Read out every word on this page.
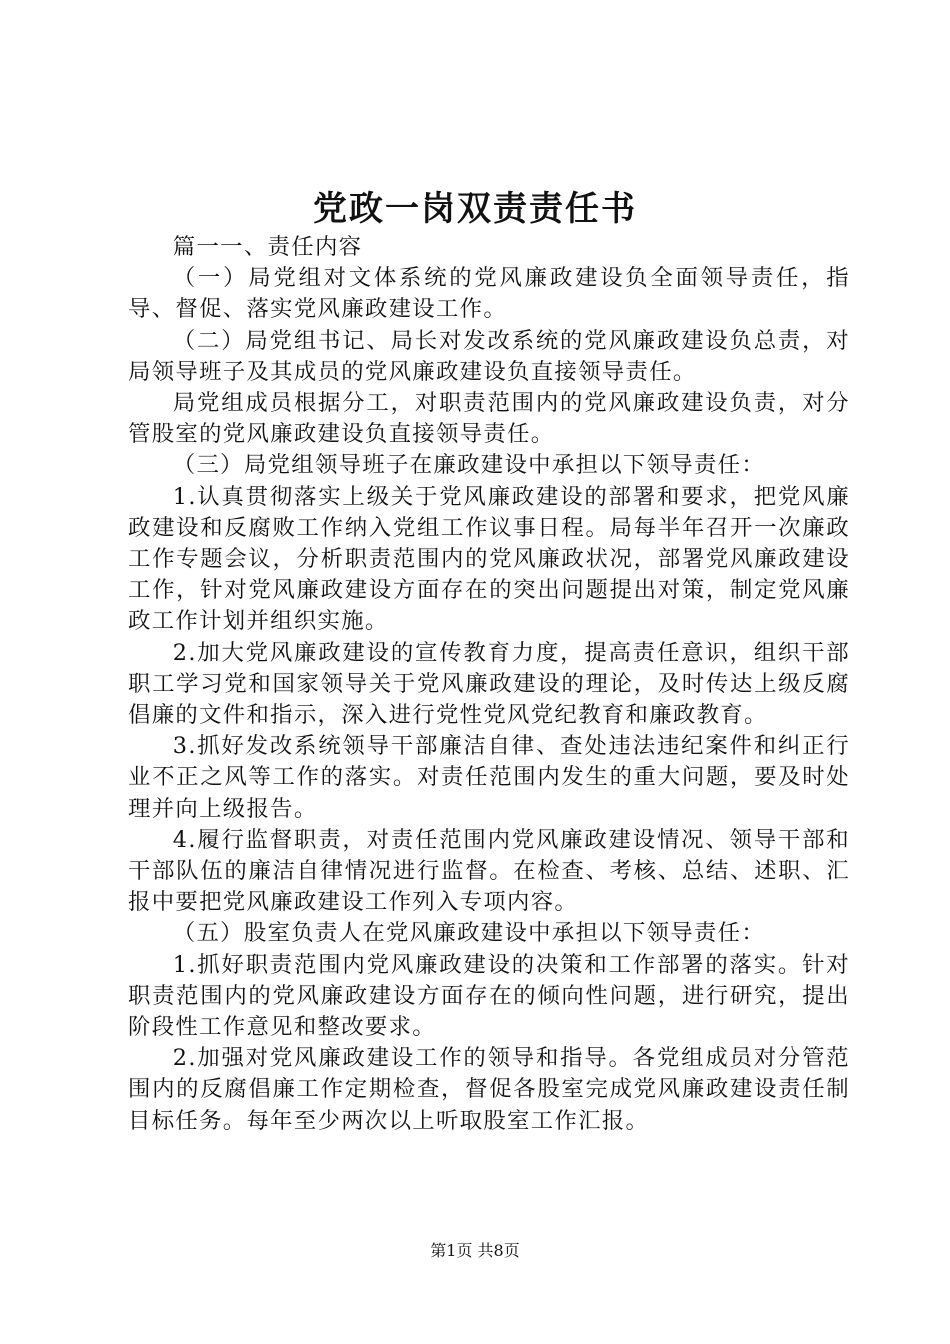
党政一岗双责责任书

篇一一、责任内容

（一）局党组对文体系统的党风廉政建设负全面领导责任，指导、督促、落实党风廉政建设工作。

（二）局党组书记、局长对发改系统的党风廉政建设负总责，对局领导班子及其成员的党风廉政建设负直接领导责任。

局党组成员根据分工，对职责范围内的党风廉政建设负责，对分管股室的党风廉政建设负直接领导责任。

（三）局党组领导班子在廉政建设中承担以下领导责任：

1.认真贯彻落实上级关于党风廉政建设的部署和要求，把党风廉政建设和反腐败工作纳入党组工作议事日程。局每半年召开一次廉政工作专题会议，分析职责范围内的党风廉政状况，部署党风廉政建设工作，针对党风廉政建设方面存在的突出问题提出对策，制定党风廉政工作计划并组织实施。

2.加大党风廉政建设的宣传教育力度，提高责任意识，组织干部职工学习党和国家领导关于党风廉政建设的理论，及时传达上级反腐倡廉的文件和指示，深入进行党性党风党纪教育和廉政教育。

3.抓好发改系统领导干部廉洁自律、查处违法违纪案件和纠正行业不正之风等工作的落实。对责任范围内发生的重大问题，要及时处理并向上级报告。

4.履行监督职责，对责任范围内党风廉政建设情况、领导干部和干部队伍的廉洁自律情况进行监督。在检查、考核、总结、述职、汇报中要把党风廉政建设工作列入专项内容。

（五）股室负责人在党风廉政建设中承担以下领导责任：

1.抓好职责范围内党风廉政建设的决策和工作部署的落实。针对职责范围内的党风廉政建设方面存在的倾向性问题，进行研究，提出阶段性工作意见和整改要求。

2.加强对党风廉政建设工作的领导和指导。各党组成员对分管范围内的反腐倡廉工作定期检查，督促各股室完成党风廉政建设责任制目标任务。每年至少两次以上听取股室工作汇报。

第1页 共8页
